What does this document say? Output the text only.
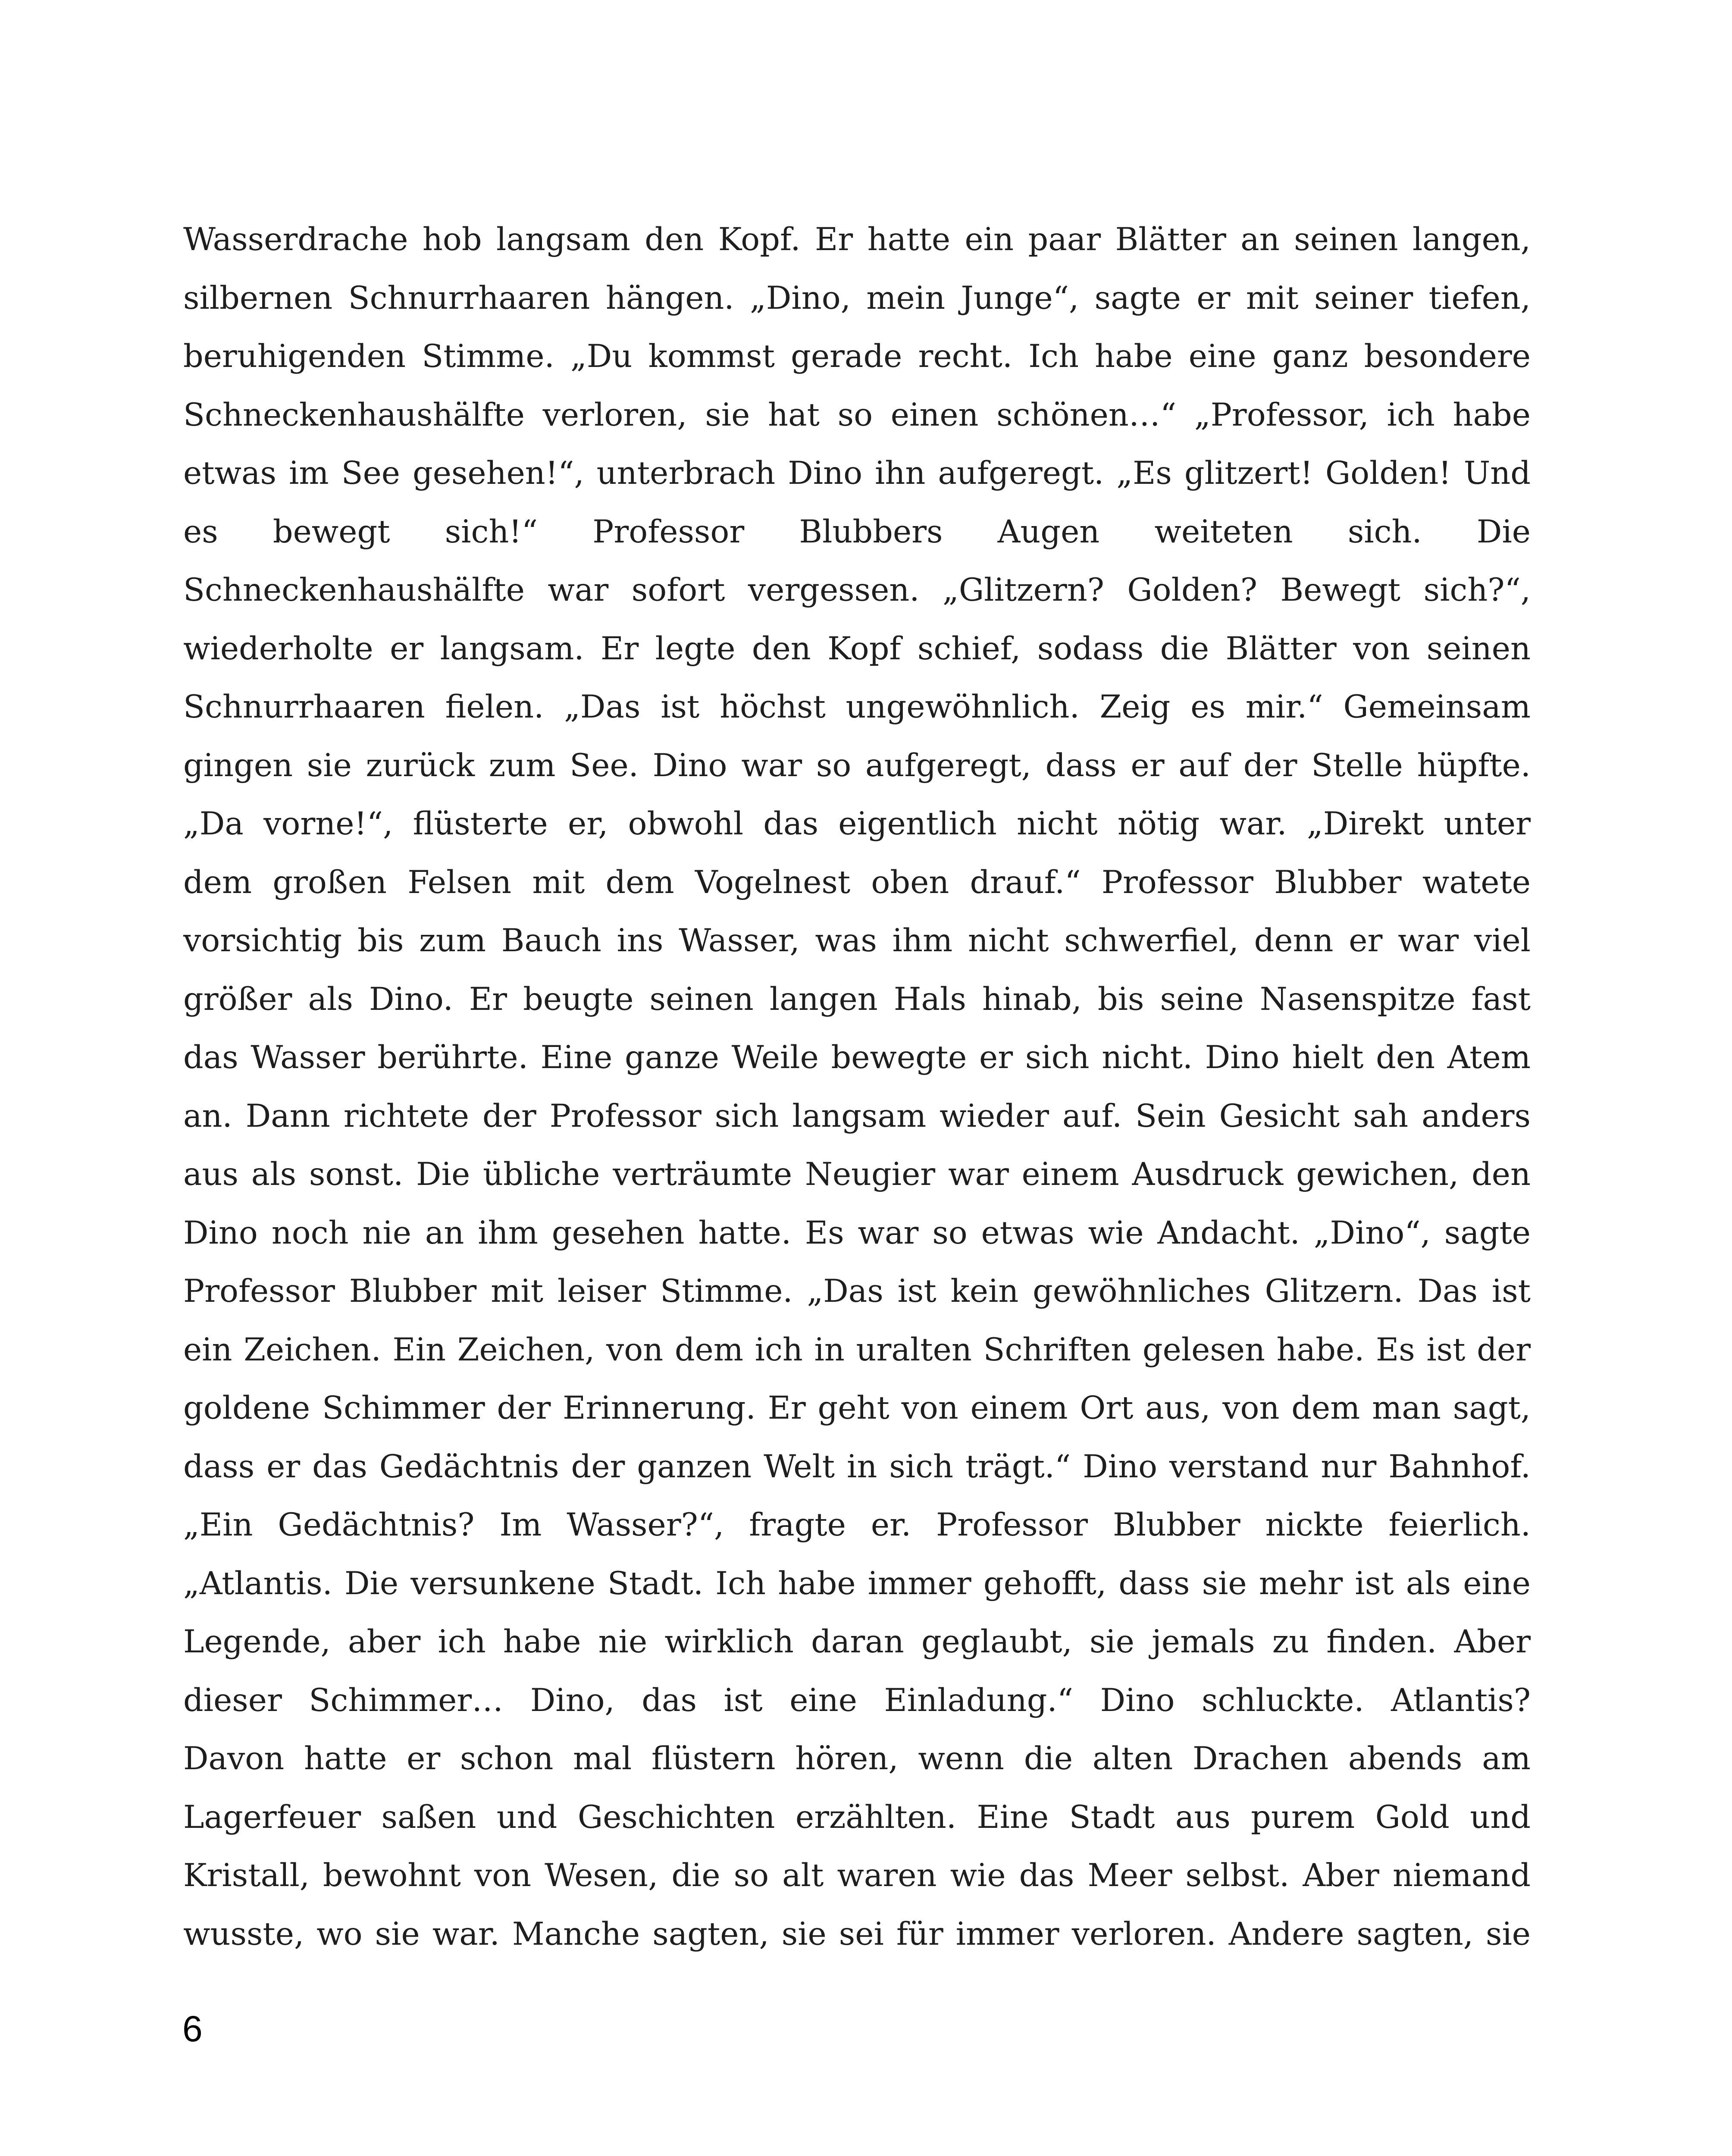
Wasserdrache hob langsam den Kopf. Er hatte ein paar Blätter an seinen langen,
silbernen Schnurrhaaren hängen. „Dino, mein Junge“, sagte er mit seiner tiefen,
beruhigenden Stimme. „Du kommst gerade recht. Ich habe eine ganz besondere
Schneckenhaushälfte verloren, sie hat so einen schönen…“ „Professor, ich habe
etwas im See gesehen!“, unterbrach Dino ihn aufgeregt. „Es glitzert! Golden! Und
es bewegt sich!“ Professor Blubbers Augen weiteten sich. Die
Schneckenhaushälfte war sofort vergessen. „Glitzern? Golden? Bewegt sich?“,
wiederholte er langsam. Er legte den Kopf schief, sodass die Blätter von seinen
Schnurrhaaren fielen. „Das ist höchst ungewöhnlich. Zeig es mir.“ Gemeinsam
gingen sie zurück zum See. Dino war so aufgeregt, dass er auf der Stelle hüpfte.
„Da vorne!“, flüsterte er, obwohl das eigentlich nicht nötig war. „Direkt unter
dem großen Felsen mit dem Vogelnest oben drauf.“ Professor Blubber watete
vorsichtig bis zum Bauch ins Wasser, was ihm nicht schwerfiel, denn er war viel
größer als Dino. Er beugte seinen langen Hals hinab, bis seine Nasenspitze fast
das Wasser berührte. Eine ganze Weile bewegte er sich nicht. Dino hielt den Atem
an. Dann richtete der Professor sich langsam wieder auf. Sein Gesicht sah anders
aus als sonst. Die übliche verträumte Neugier war einem Ausdruck gewichen, den
Dino noch nie an ihm gesehen hatte. Es war so etwas wie Andacht. „Dino“, sagte
Professor Blubber mit leiser Stimme. „Das ist kein gewöhnliches Glitzern. Das ist
ein Zeichen. Ein Zeichen, von dem ich in uralten Schriften gelesen habe. Es ist der
goldene Schimmer der Erinnerung. Er geht von einem Ort aus, von dem man sagt,
dass er das Gedächtnis der ganzen Welt in sich trägt.“ Dino verstand nur Bahnhof.
„Ein Gedächtnis? Im Wasser?“, fragte er. Professor Blubber nickte feierlich.
„Atlantis. Die versunkene Stadt. Ich habe immer gehofft, dass sie mehr ist als eine
Legende, aber ich habe nie wirklich daran geglaubt, sie jemals zu finden. Aber
dieser Schimmer… Dino, das ist eine Einladung.“ Dino schluckte. Atlantis?
Davon hatte er schon mal flüstern hören, wenn die alten Drachen abends am
Lagerfeuer saßen und Geschichten erzählten. Eine Stadt aus purem Gold und
Kristall, bewohnt von Wesen, die so alt waren wie das Meer selbst. Aber niemand
wusste, wo sie war. Manche sagten, sie sei für immer verloren. Andere sagten, sie
6
